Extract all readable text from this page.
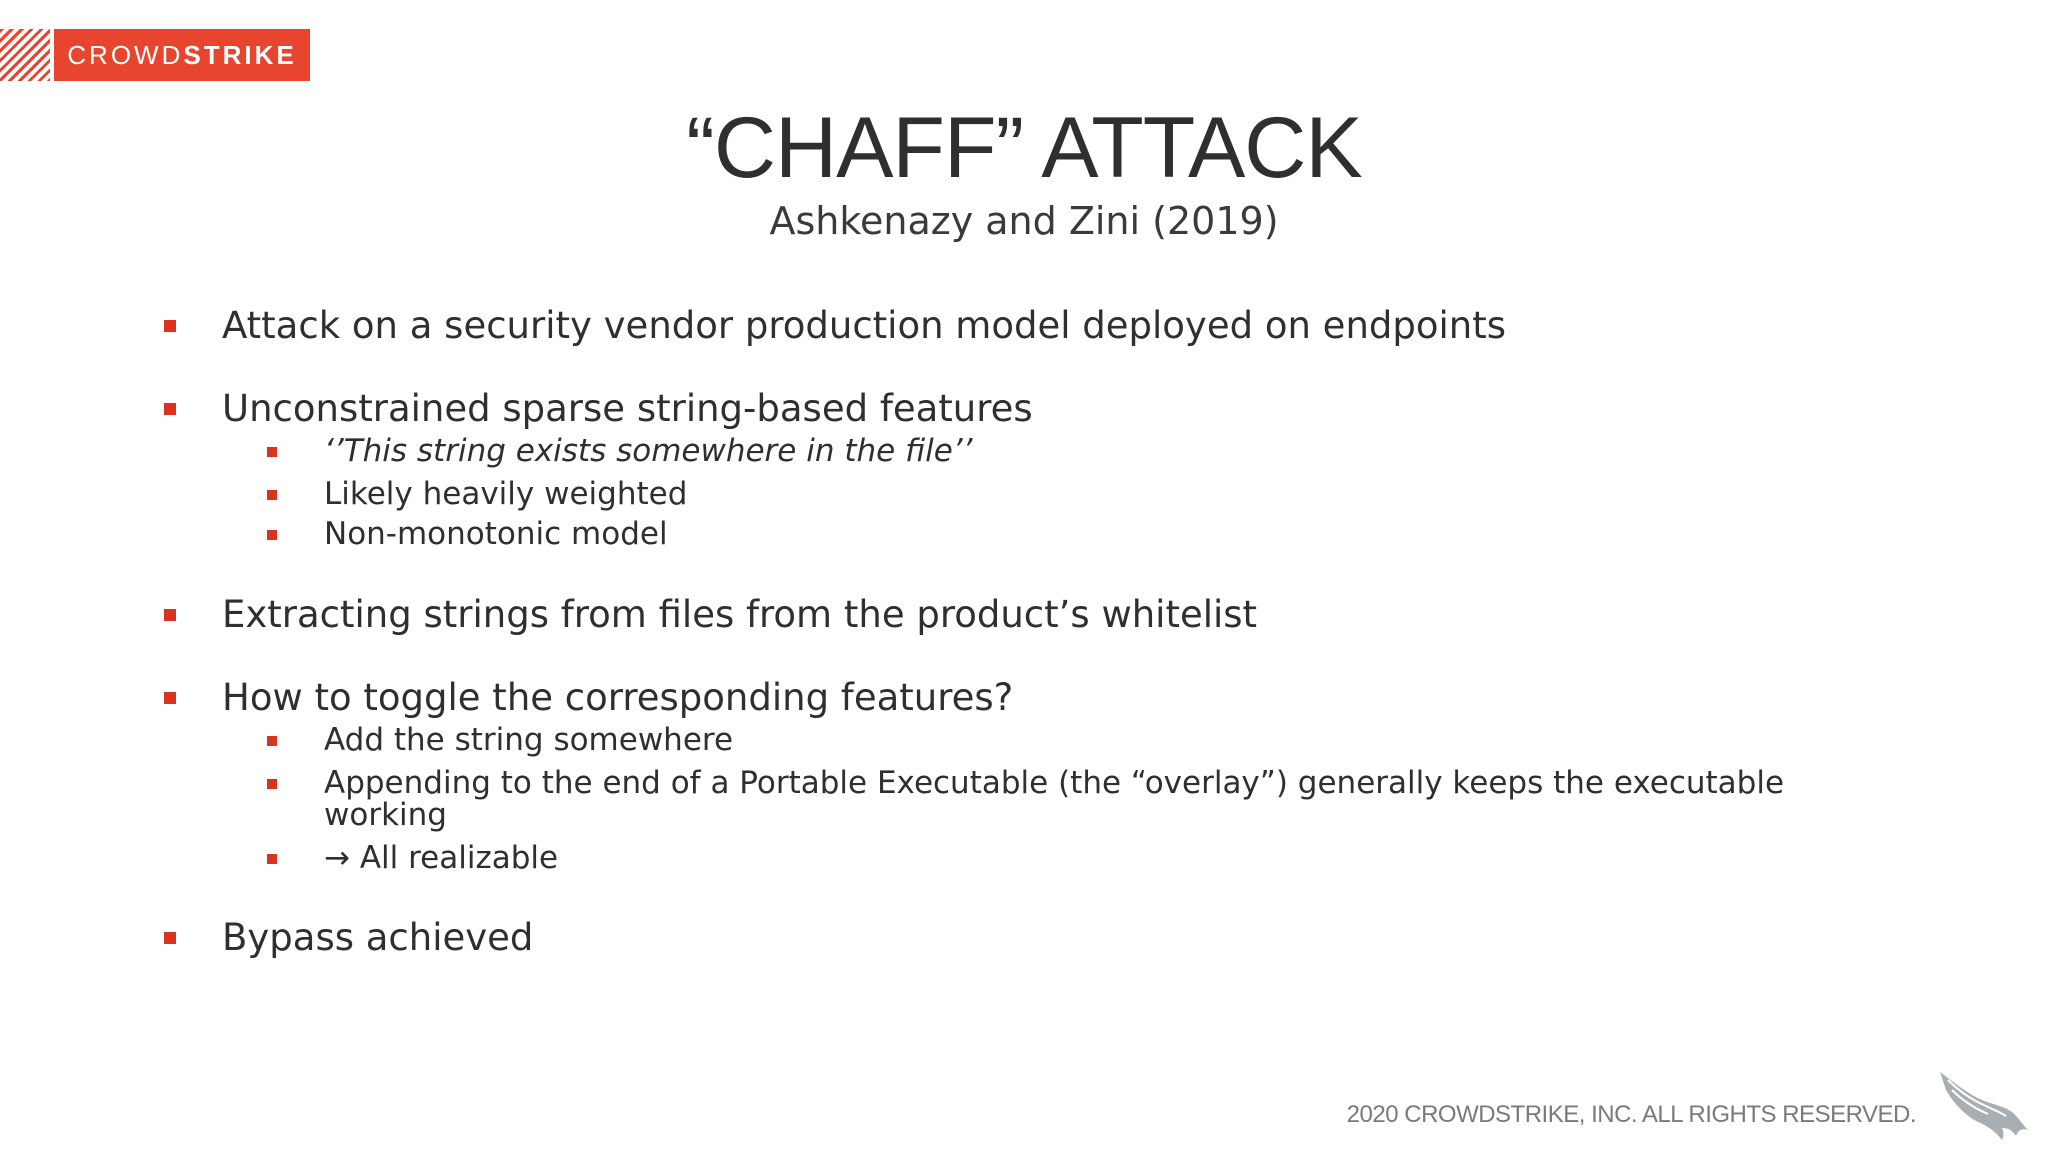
CROWD STRIKE
“CHAFF” ATTACK
Ashkenazy and Zini (2019)
Attack on a security vendor production model deployed on endpoints
Unconstrained sparse string-based features
‘’This string exists somewhere in the file’’
Likely heavily weighted
Non-monotonic model
Extracting strings from files from the product’s whitelist
How to toggle the corresponding features?
Add the string somewhere
Appending to the end of a Portable Executable (the “overlay”) generally keeps the executable
working
→ All realizable
Bypass achieved
2020 CROWDSTRIKE, INC. ALL RIGHTS RESERVED.
